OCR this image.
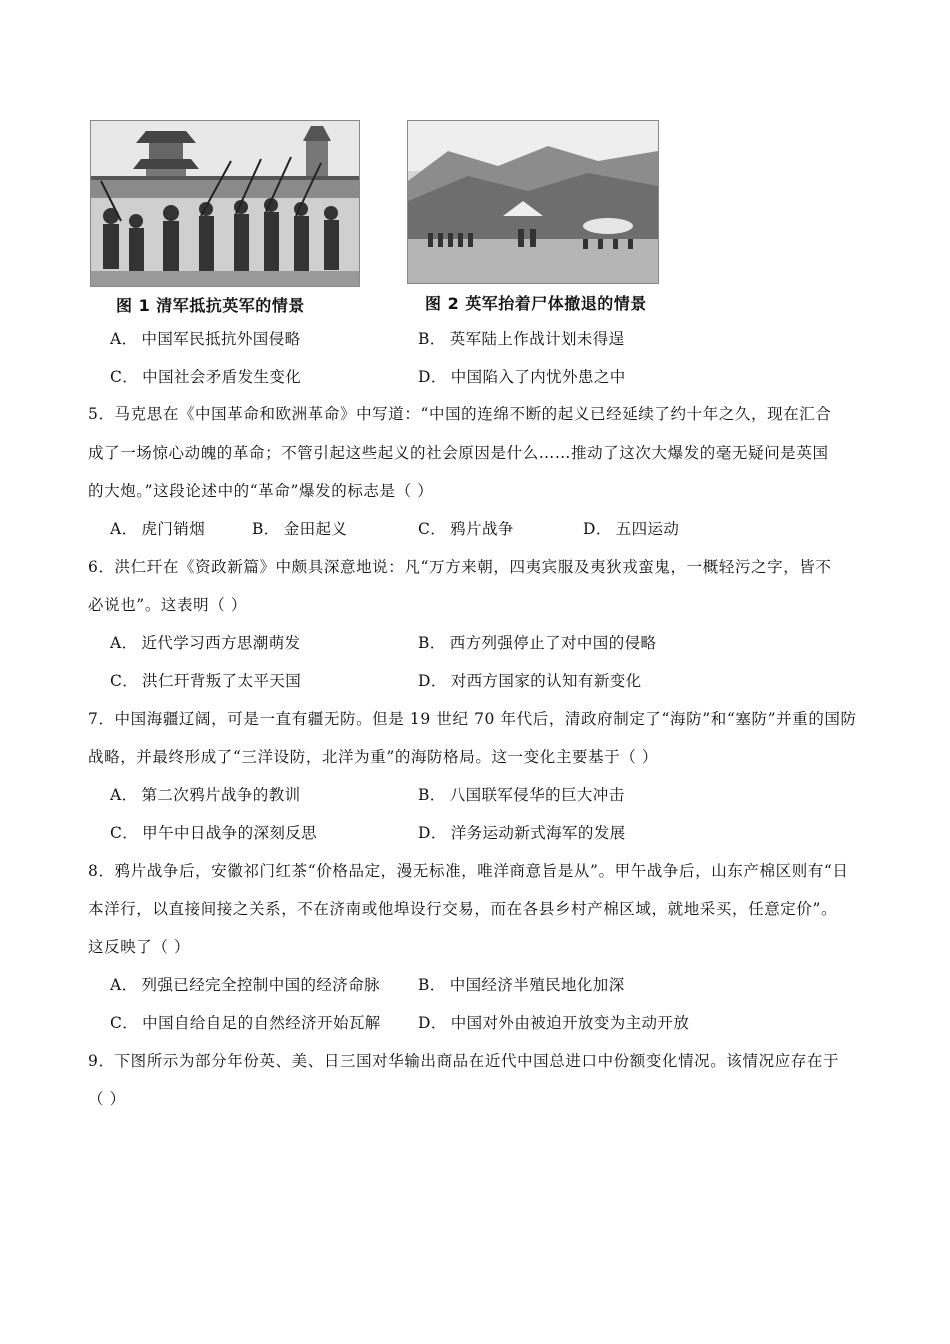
图 1 清军抵抗英军的情景	图 2 英军抬着尸体撤退的情景
A． 中国军民抵抗外国侵略	B． 英军陆上作战计划未得逞
C． 中国社会矛盾发生变化	D． 中国陷入了内忧外患之中
5．马克思在《中国革命和欧洲革命》中写道：“中国的连绵不断的起义已经延续了约十年之久，现在汇合
成了一场惊心动魄的革命；不管引起这些起义的社会原因是什么……推动了这次大爆发的毫无疑问是英国
的大炮。”这段论述中的“革命”爆发的标志是（ ）
A． 虎门销烟	B． 金田起义	C． 鸦片战争	D． 五四运动
6．洪仁玕在《资政新篇》中颇具深意地说：凡“万方来朝，四夷宾服及夷狄戎蛮鬼，一概轻污之字，皆不
必说也”。这表明（ ）
A． 近代学习西方思潮萌发	B． 西方列强停止了对中国的侵略
C． 洪仁玕背叛了太平天国	D． 对西方国家的认知有新变化
7．中国海疆辽阔，可是一直有疆无防。但是 19 世纪 70 年代后，清政府制定了“海防”和“塞防”并重的国防
战略，并最终形成了“三洋设防，北洋为重”的海防格局。这一变化主要基于（ ）
A． 第二次鸦片战争的教训	B． 八国联军侵华的巨大冲击
C． 甲午中日战争的深刻反思	D． 洋务运动新式海军的发展
8．鸦片战争后，安徽祁门红茶“价格品定，漫无标准，唯洋商意旨是从”。甲午战争后，山东产棉区则有“日
本洋行，以直接间接之关系，不在济南或他埠设行交易，而在各县乡村产棉区域，就地采买，任意定价”。
这反映了（ ）
A． 列强已经完全控制中国的经济命脉 B． 中国经济半殖民地化加深
C． 中国自给自足的自然经济开始瓦解 D． 中国对外由被迫开放变为主动开放
9．下图所示为部分年份英、美、日三国对华输出商品在近代中国总进口中份额变化情况。该情况应存在于
（ ）
